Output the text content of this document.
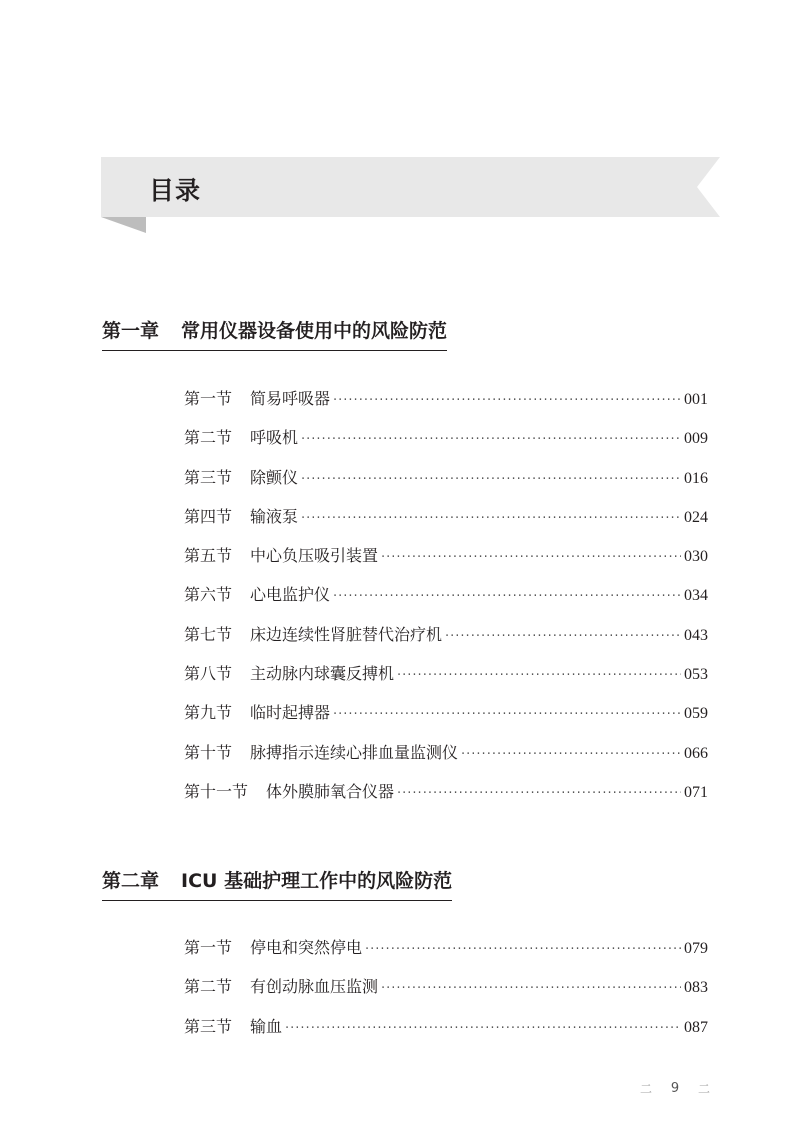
目录
第一章 常用仪器设备使用中的风险防范
第一节 简易呼吸器 ·····	001
第二节 呼吸机 ·····	009
第三节 除颤仪 ·····	016
第四节 输液泵 ·····	024
第五节 中心负压吸引装置 ·····	030
第六节 心电监护仪 ·····	034
第七节 床边连续性肾脏替代治疗机 ·····	043
第八节 主动脉内球囊反搏机 ·····	053
第九节 临时起搏器 ·····	059
第十节 脉搏指示连续心排血量监测仪 ·····	066
第十一节 体外膜肺氧合仪器 ·····	071
第二章 ICU 基础护理工作中的风险防范
第一节 停电和突然停电 ·····	079
第二节 有创动脉血压监测 ·····	083
第三节 输血 ·····	087
二 9 二
